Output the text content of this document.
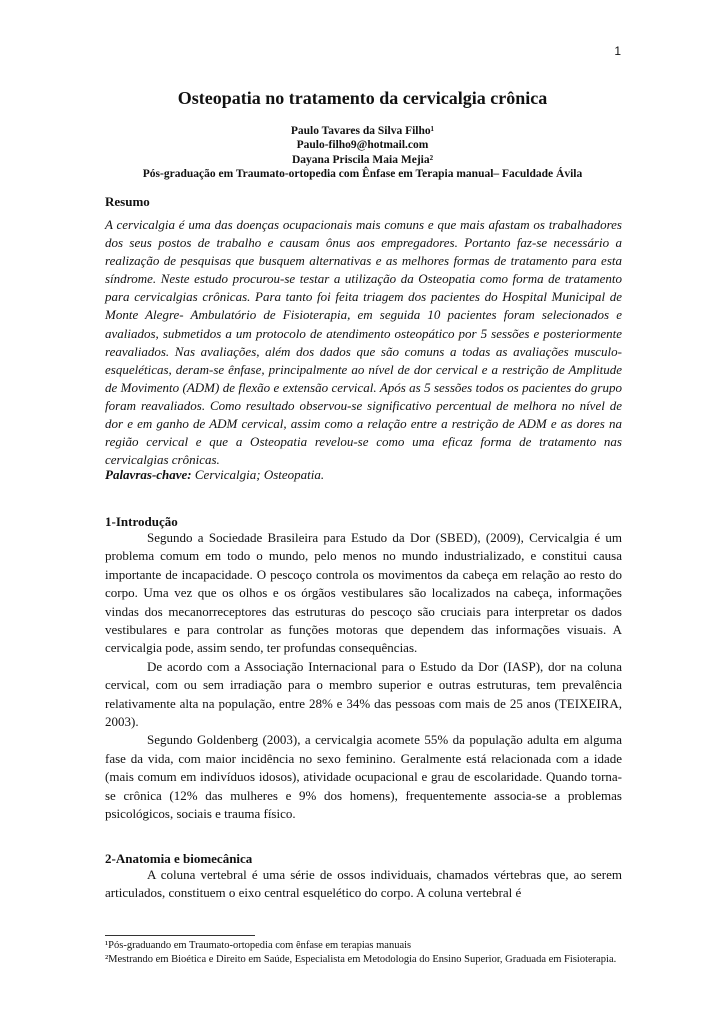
1
Osteopatia no tratamento da cervicalgia crônica
Paulo Tavares da Silva Filho¹
Paulo-filho9@hotmail.com
Dayana Priscila Maia Mejia²
Pós-graduação em Traumato-ortopedia com Ênfase em Terapia manual– Faculdade Ávila
Resumo
A cervicalgia é uma das doenças ocupacionais mais comuns e que mais afastam os trabalhadores dos seus postos de trabalho e causam ônus aos empregadores. Portanto faz-se necessário a realização de pesquisas que busquem alternativas e as melhores formas de tratamento para esta síndrome. Neste estudo procurou-se testar a utilização da Osteopatia como forma de tratamento para cervicalgias crônicas. Para tanto foi feita triagem dos pacientes do Hospital Municipal de Monte Alegre- Ambulatório de Fisioterapia, em seguida 10 pacientes foram selecionados e avaliados, submetidos a um protocolo de atendimento osteopático por 5 sessões e posteriormente reavaliados. Nas avaliações, além dos dados que são comuns a todas as avaliações musculo-esqueléticas, deram-se ênfase, principalmente ao nível de dor cervical e a restrição de Amplitude de Movimento (ADM) de flexão e extensão cervical. Após as 5 sessões todos os pacientes do grupo foram reavaliados. Como resultado observou-se significativo percentual de melhora no nível de dor e em ganho de ADM cervical, assim como a relação entre a restrição de ADM e as dores na região cervical e que a Osteopatia revelou-se como uma eficaz forma de tratamento nas cervicalgias crônicas.
Palavras-chave: Cervicalgia; Osteopatia.
1-Introdução

Segundo a Sociedade Brasileira para Estudo da Dor (SBED), (2009), Cervicalgia é um problema comum em todo o mundo, pelo menos no mundo industrializado, e constitui causa importante de incapacidade. O pescoço controla os movimentos da cabeça em relação ao resto do corpo. Uma vez que os olhos e os órgãos vestibulares são localizados na cabeça, informações vindas dos mecanorreceptores das estruturas do pescoço são cruciais para interpretar os dados vestibulares e para controlar as funções motoras que dependem das informações visuais. A cervicalgia pode, assim sendo, ter profundas consequências.

De acordo com a Associação Internacional para o Estudo da Dor (IASP), dor na coluna cervical, com ou sem irradiação para o membro superior e outras estruturas, tem prevalência relativamente alta na população, entre 28% e 34% das pessoas com mais de 25 anos (TEIXEIRA, 2003).

Segundo Goldenberg (2003), a cervicalgia acomete 55% da população adulta em alguma fase da vida, com maior incidência no sexo feminino. Geralmente está relacionada com a idade (mais comum em indivíduos idosos), atividade ocupacional e grau de escolaridade. Quando torna-se crônica (12% das mulheres e 9% dos homens), frequentemente associa-se a problemas psicológicos, sociais e trauma físico.

2-Anatomia e biomecânica

A coluna vertebral é uma série de ossos individuais, chamados vértebras que, ao serem articulados, constituem o eixo central esquelético do corpo. A coluna vertebral é

¹Pós-graduando em Traumato-ortopedia com ênfase em terapias manuais
²Mestrando em Bioética e Direito em Saúde, Especialista em Metodologia do Ensino Superior, Graduada em Fisioterapia.
